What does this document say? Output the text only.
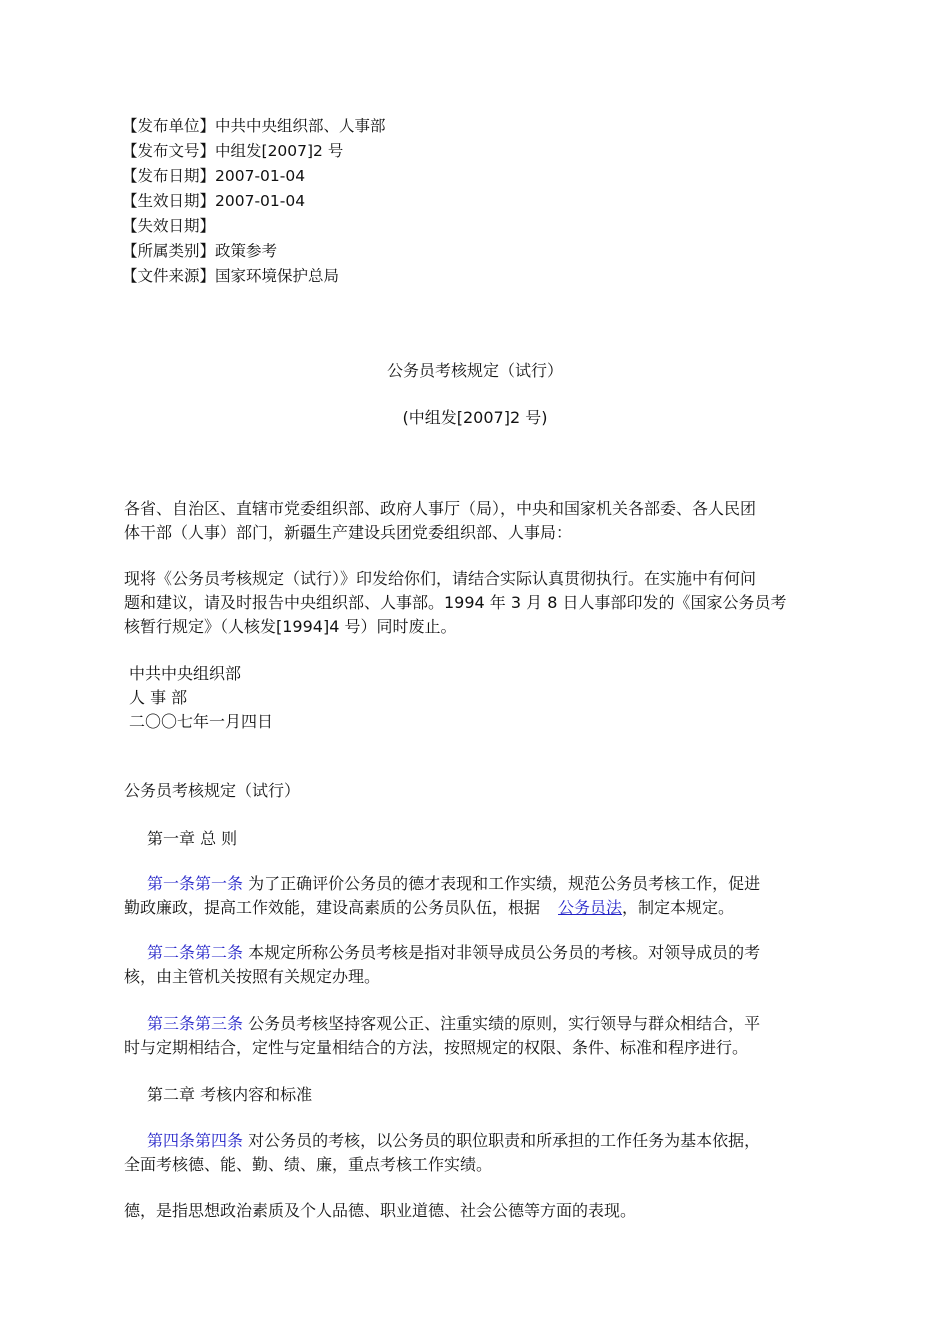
【发布单位】中共中央组织部、人事部
【发布文号】中组发[2007]2 号
【发布日期】2007-01-04
【生效日期】2007-01-04
【失效日期】
【所属类别】政策参考
【文件来源】国家环境保护总局
公务员考核规定（试行）
(中组发[2007]2 号)
各省、自治区、直辖市党委组织部、政府人事厅（局），中央和国家机关各部委、各人民团
体干部（人事）部门，新疆生产建设兵团党委组织部、人事局：
现将《公务员考核规定（试行）》印发给你们，请结合实际认真贯彻执行。在实施中有何问
题和建议，请及时报告中央组织部、人事部。1994 年 3 月 8 日人事部印发的《国家公务员考
核暂行规定》（人核发[1994]4 号）同时废止。
中共中央组织部
人 事 部
二〇〇七年一月四日
公务员考核规定（试行）
第一章 总 则
第一条第一条 为了正确评价公务员的德才表现和工作实绩，规范公务员考核工作，促进
勤政廉政，提高工作效能，建设高素质的公务员队伍，根据 公务员法，制定本规定。
第二条第二条 本规定所称公务员考核是指对非领导成员公务员的考核。对领导成员的考
核，由主管机关按照有关规定办理。
第三条第三条 公务员考核坚持客观公正、注重实绩的原则，实行领导与群众相结合，平
时与定期相结合，定性与定量相结合的方法，按照规定的权限、条件、标准和程序进行。
第二章 考核内容和标准
第四条第四条 对公务员的考核，以公务员的职位职责和所承担的工作任务为基本依据，
全面考核德、能、勤、绩、廉，重点考核工作实绩。
德，是指思想政治素质及个人品德、职业道德、社会公德等方面的表现。
